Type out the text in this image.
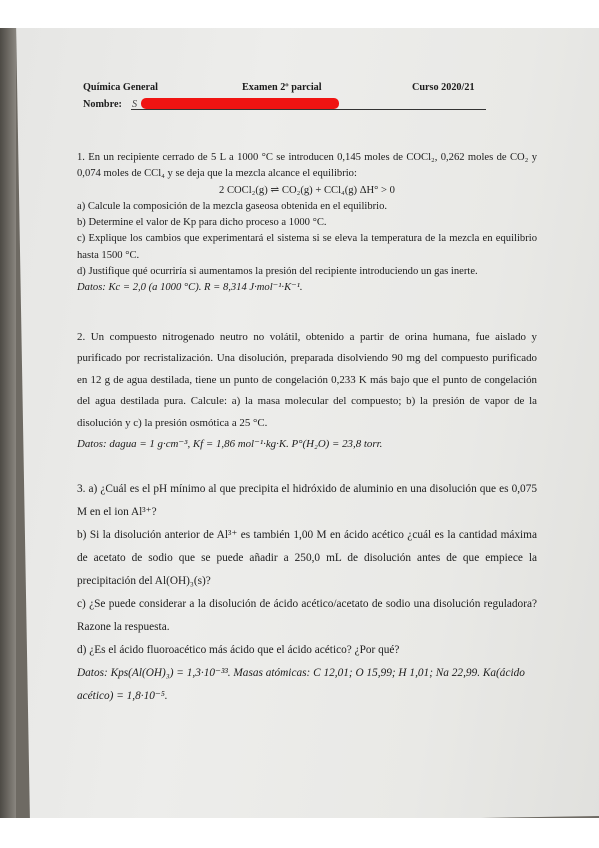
Química General	Examen 2º parcial	Curso 2020/21
Nombre: S

1. En un recipiente cerrado de 5 L a 1000 °C se introducen 0,145 moles de COCl₂, 0,262 moles de CO₂ y 0,074 moles de CCl₄ y se deja que la mezcla alcance el equilibrio:

2 COCl₂(g) ⇌ CO₂(g) + CCl₄(g) ΔH° > 0

a) Calcule la composición de la mezcla gaseosa obtenida en el equilibrio.

b) Determine el valor de Kp para dicho proceso a 1000 °C.

c) Explique los cambios que experimentará el sistema si se eleva la temperatura de la mezcla en equilibrio hasta 1500 °C.

d) Justifique qué ocurriría si aumentamos la presión del recipiente introduciendo un gas inerte.

Datos: Kc = 2,0 (a 1000 °C). R = 8,314 J·mol⁻¹·K⁻¹.

2. Un compuesto nitrogenado neutro no volátil, obtenido a partir de orina humana, fue aislado y purificado por recristalización. Una disolución, preparada disolviendo 90 mg del compuesto purificado en 12 g de agua destilada, tiene un punto de congelación 0,233 K más bajo que el punto de congelación del agua destilada pura. Calcule: a) la masa molecular del compuesto; b) la presión de vapor de la disolución y c) la presión osmótica a 25 °C.

Datos: dagua = 1 g·cm⁻³, Kf = 1,86 mol⁻¹·kg·K. P°(H₂O) = 23,8 torr.

3. a) ¿Cuál es el pH mínimo al que precipita el hidróxido de aluminio en una disolución que es 0,075 M en el ion Al³⁺?

b) Si la disolución anterior de Al³⁺ es también 1,00 M en ácido acético ¿cuál es la cantidad máxima de acetato de sodio que se puede añadir a 250,0 mL de disolución antes de que empiece la precipitación del Al(OH)₃(s)?

c) ¿Se puede considerar a la disolución de ácido acético/acetato de sodio una disolución reguladora? Razone la respuesta.

d) ¿Es el ácido fluoroacético más ácido que el ácido acético? ¿Por qué?

Datos: Kps(Al(OH)₃) = 1,3·10⁻³³. Masas atómicas: C 12,01; O 15,99; H 1,01; Na 22,99. Ka(ácido acético) = 1,8·10⁻⁵.
